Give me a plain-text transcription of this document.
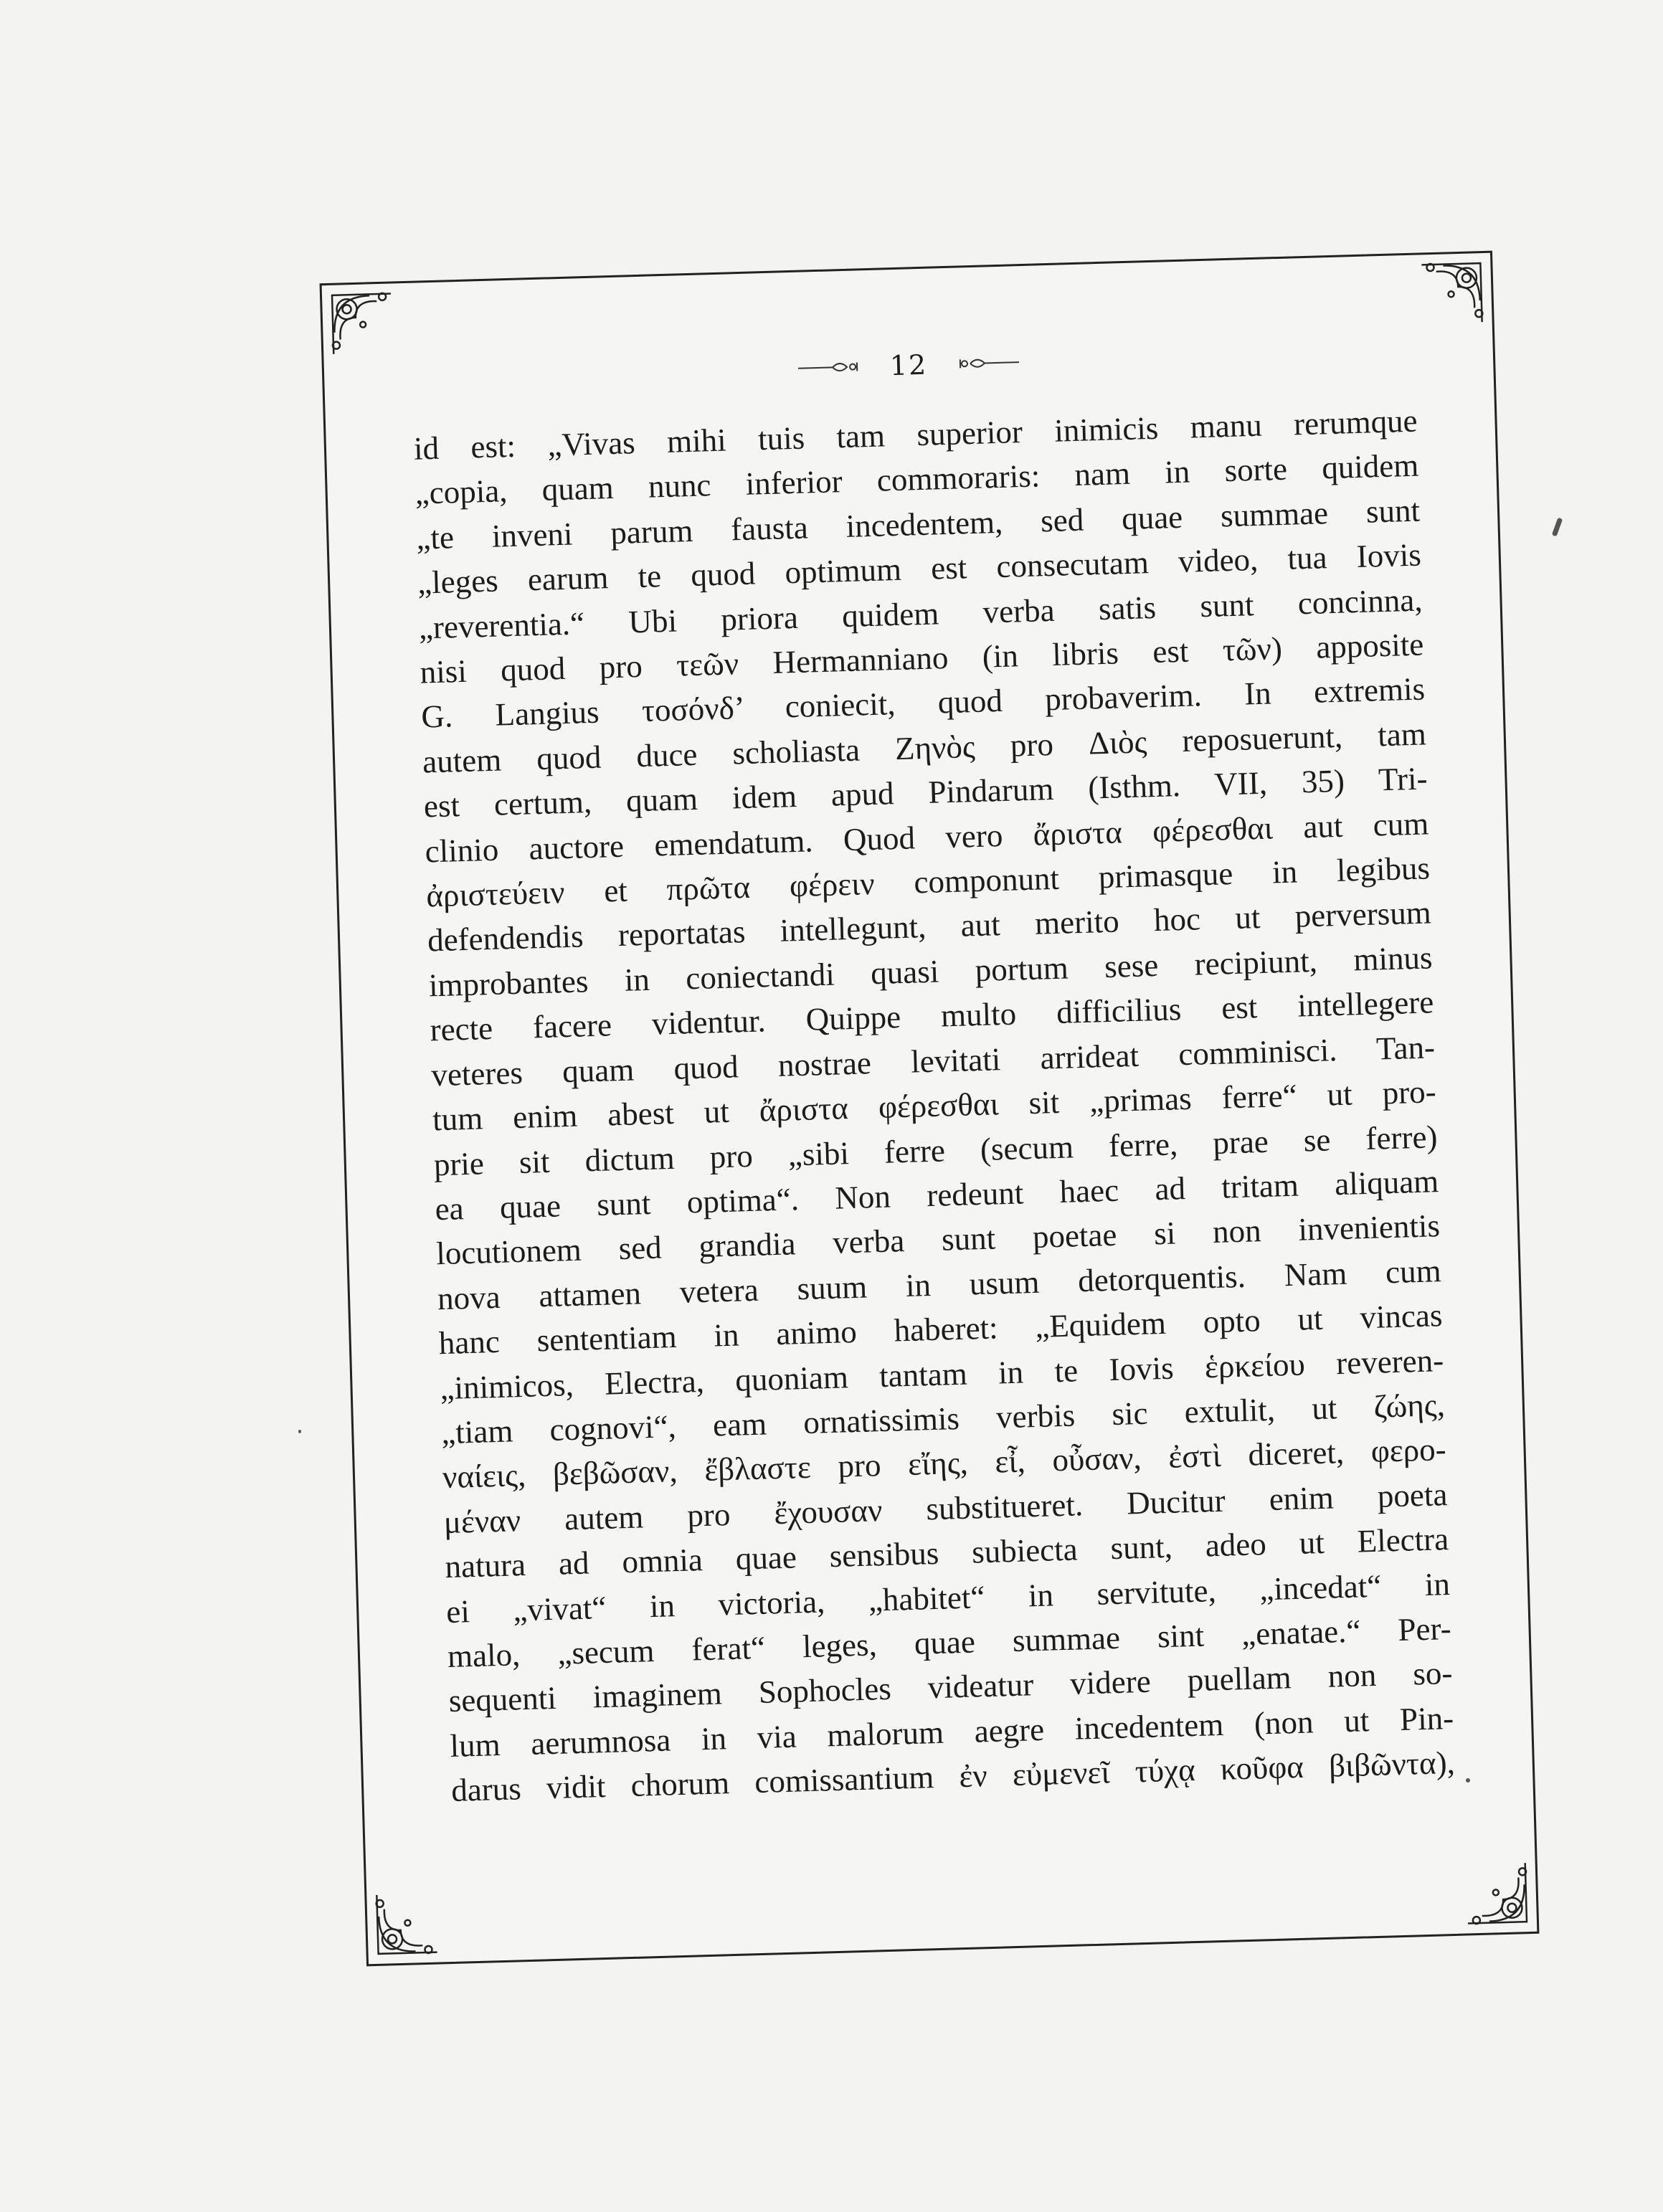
12
id est: „Vivas mihi tuis tam superior inimicis manu rerumque
„copia, quam nunc inferior commoraris: nam in sorte quidem
„te inveni parum fausta incedentem, sed quae summae sunt
„leges earum te quod optimum est consecutam video, tua Iovis
„reverentia.“ Ubi priora quidem verba satis sunt concinna,
nisi quod pro τεῶν Hermanniano (in libris est τῶν) apposite
G. Langius τοσόνδ’ coniecit, quod probaverim. In extremis
autem quod duce scholiasta Ζηνὸς pro Διὸς reposuerunt, tam
est certum, quam idem apud Pindarum (Isthm. VII, 35) Tri-
clinio auctore emendatum. Quod vero ἄριστα φέρεσθαι aut cum
ἀριστεύειν et πρῶτα φέρειν componunt primasque in legibus
defendendis reportatas intellegunt, aut merito hoc ut perversum
improbantes in coniectandi quasi portum sese recipiunt, minus
recte facere videntur. Quippe multo difficilius est intellegere
veteres quam quod nostrae levitati arrideat comminisci. Tan-
tum enim abest ut ἄριστα φέρεσθαι sit „primas ferre“ ut pro-
prie sit dictum pro „sibi ferre (secum ferre, prae se ferre)
ea quae sunt optima“. Non redeunt haec ad tritam aliquam
locutionem sed grandia verba sunt poetae si non invenientis
nova attamen vetera suum in usum detorquentis. Nam cum
hanc sententiam in animo haberet: „Equidem opto ut vincas
„inimicos, Electra, quoniam tantam in te Iovis ἑρκείου reveren-
„tiam cognovi“, eam ornatissimis verbis sic extulit, ut ζώης,
ναίεις, βεβῶσαν, ἔβλαστε pro εἴης, εἶ, οὖσαν, ἐστὶ diceret, φερο-
μέναν autem pro ἔχουσαν substitueret. Ducitur enim poeta
natura ad omnia quae sensibus subiecta sunt, adeo ut Electra
ei „vivat“ in victoria, „habitet“ in servitute, „incedat“ in
malo, „secum ferat“ leges, quae summae sint „enatae.“ Per-
sequenti imaginem Sophocles videatur videre puellam non so-
lum aerumnosa in via malorum aegre incedentem (non ut Pin-
darus vidit chorum comissantium ἐν εὐμενεῖ τύχᾳ κοῦφα βιβῶντα),
